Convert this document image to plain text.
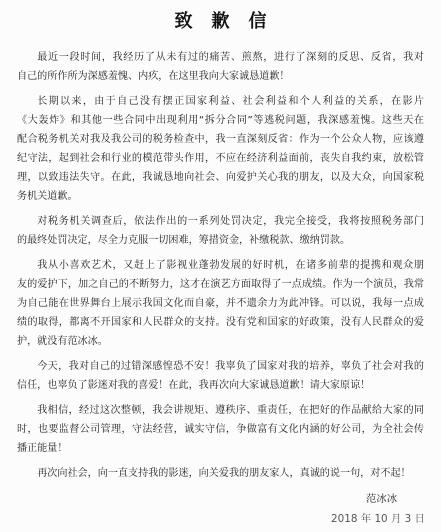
致歉信
最近一段时间，我经历了从未有过的痛苦、煎熬，进行了深刻的反思、反省，我对
自己的所作所为深感羞愧、内疚，在这里我向大家诚恳道歉！
长期以来，由于自己没有摆正国家利益、社会利益和个人利益的关系，在影片
《大轰炸》和其他一些合同中出现利用“拆分合同”等逃税问题，我深感羞愧。这些天在
配合税务机关对我及我公司的税务检查中，我一直深刻反省：作为一个公众人物，应该遵
纪守法，起到社会和行业的模范带头作用，不应在经济利益面前，丧失自我约束，放松管
理，以致违法失守。在此，我诚恳地向社会、向爱护关心我的朋友，以及大众，向国家税
务机关道歉。
对税务机关调查后，依法作出的一系列处罚决定，我完全接受，我将按照税务部门
的最终处罚决定，尽全力克服一切困难，筹措资金，补缴税款、缴纳罚款。
我从小喜欢艺术，又赶上了影视业蓬勃发展的好时机，在诸多前辈的提携和观众朋
友的爱护下，加之自己的不断努力，这才在演艺方面取得了一点成绩。作为一个演员，我常
为自己能在世界舞台上展示我国文化而自豪，并不遗余力为此冲锋。可以说，我每一点成
绩的取得，都离不开国家和人民群众的支持。没有党和国家的好政策，没有人民群众的爱
护，就没有范冰冰。
今天，我对自己的过错深感惶恐不安！我辜负了国家对我的培养，辜负了社会对我的
信任，也辜负了影迷对我的喜爱！在此，我再次向大家诚恳道歉！请大家原谅！
我相信，经过这次整顿，我会讲规矩、遵秩序、重责任，在把好的作品献给大家的同
时，也要监督公司管理，守法经营，诚实守信，争做富有文化内涵的好公司，为全社会传
播正能量！
再次向社会，向一直支持我的影迷，向关爱我的朋友家人，真诚的说一句，对不起！
范冰冰
2018 年 10 月 3 日
